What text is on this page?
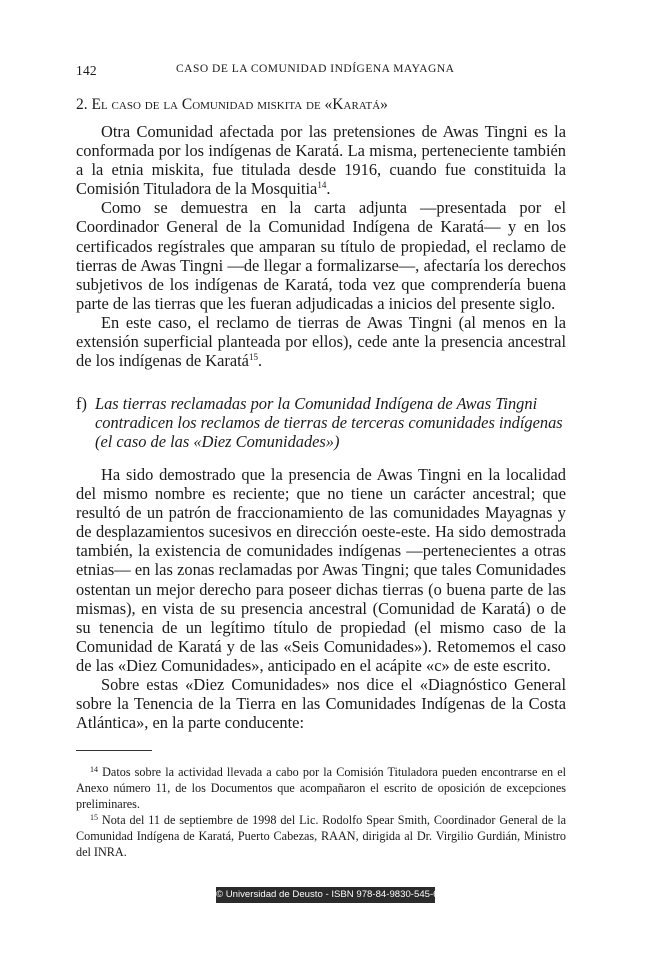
142	CASO DE LA COMUNIDAD INDÍGENA MAYAGNA
2. El caso de la Comunidad miskita de «Karatá»

Otra Comunidad afectada por las pretensiones de Awas Tingni es la conformada por los indígenas de Karatá. La misma, perteneciente también a la etnia miskita, fue titulada desde 1916, cuando fue constituida la Comisión Tituladora de la Mosquitia$^{14}$.

Como se demuestra en la carta adjunta —presentada por el Coordinador General de la Comunidad Indígena de Karatá— y en los certificados regístrales que amparan su título de propiedad, el reclamo de tierras de Awas Tingni —de llegar a formalizarse—, afectaría los derechos subjetivos de los indígenas de Karatá, toda vez que comprendería buena parte de las tierras que les fueran adjudicadas a inicios del presente siglo.

En este caso, el reclamo de tierras de Awas Tingni (al menos en la extensión superficial planteada por ellos), cede ante la presencia ancestral de los indígenas de Karatá$^{15}$.

f) Las tierras reclamadas por la Comunidad Indígena de Awas Tingni contradicen los reclamos de tierras de terceras comunidades indígenas (el caso de las «Diez Comunidades»)

Ha sido demostrado que la presencia de Awas Tingni en la localidad del mismo nombre es reciente; que no tiene un carácter ancestral; que resultó de un patrón de fraccionamiento de las comunidades Mayagnas y de desplazamientos sucesivos en dirección oeste-este. Ha sido demostrada también, la existencia de comunidades indígenas —pertenecientes a otras etnias— en las zonas reclamadas por Awas Tingni; que tales Comunidades ostentan un mejor derecho para poseer dichas tierras (o buena parte de las mismas), en vista de su presencia ancestral (Comunidad de Karatá) o de su tenencia de un legítimo título de propiedad (el mismo caso de la Comunidad de Karatá y de las «Seis Comunidades»). Retomemos el caso de las «Diez Comunidades», anticipado en el acápite «c» de este escrito.

Sobre estas «Diez Comunidades» nos dice el «Diagnóstico General sobre la Tenencia de la Tierra en las Comunidades Indígenas de la Costa Atlántica», en la parte conducente:

$^{14}$ Datos sobre la actividad llevada a cabo por la Comisión Tituladora pueden encontrarse en el Anexo número 11, de los Documentos que acompañaron el escrito de oposición de excepciones preliminares.

$^{15}$ Nota del 11 de septiembre de 1998 del Lic. Rodolfo Spear Smith, Coordinador General de la Comunidad Indígena de Karatá, Puerto Cabezas, RAAN, dirigida al Dr. Virgilio Gurdián, Ministro del INRA.

© Universidad de Deusto - ISBN 978-84-9830-545-6
